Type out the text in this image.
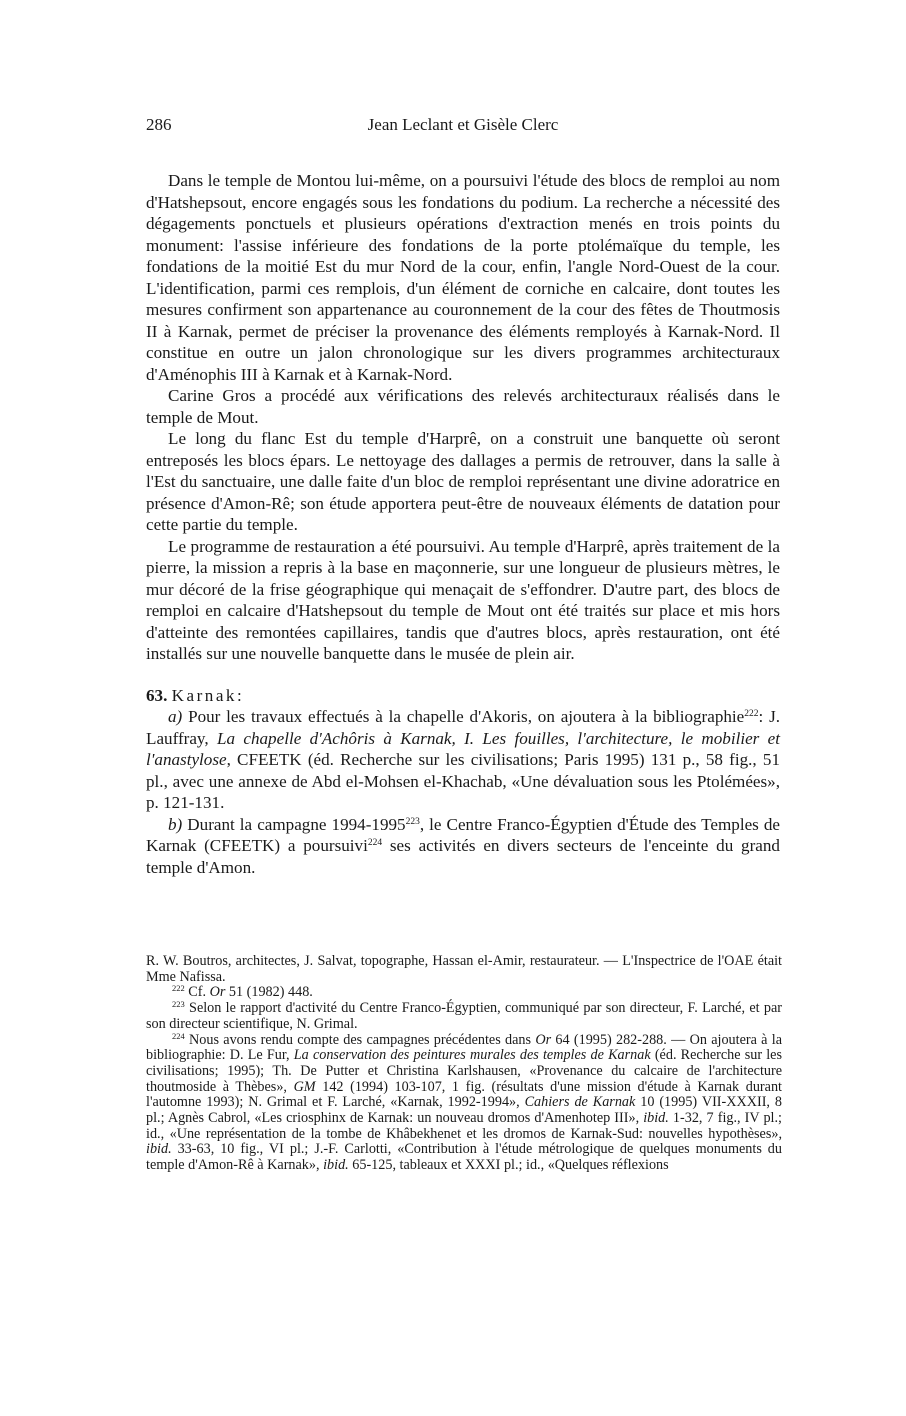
286	Jean Leclant et Gisèle Clerc

Dans le temple de Montou lui-même, on a poursuivi l'étude des blocs de remploi au nom d'Hatshepsout, encore engagés sous les fondations du podium. La recherche a nécessité des dégagements ponctuels et plusieurs opérations d'extraction menés en trois points du monument: l'assise inférieure des fondations de la porte ptolémaïque du temple, les fondations de la moitié Est du mur Nord de la cour, enfin, l'angle Nord-Ouest de la cour. L'identification, parmi ces remplois, d'un élément de corniche en calcaire, dont toutes les mesures confirment son appartenance au couronnement de la cour des fêtes de Thoutmosis II à Karnak, permet de préciser la provenance des éléments remployés à Karnak-Nord. Il constitue en outre un jalon chronologique sur les divers programmes architecturaux d'Aménophis III à Karnak et à Karnak-Nord.

Carine Gros a procédé aux vérifications des relevés architecturaux réalisés dans le temple de Mout.

Le long du flanc Est du temple d'Harprê, on a construit une banquette où seront entreposés les blocs épars. Le nettoyage des dallages a permis de retrouver, dans la salle à l'Est du sanctuaire, une dalle faite d'un bloc de remploi représentant une divine adoratrice en présence d'Amon-Rê; son étude apportera peut-être de nouveaux éléments de datation pour cette partie du temple.

Le programme de restauration a été poursuivi. Au temple d'Harprê, après traitement de la pierre, la mission a repris à la base en maçonnerie, sur une longueur de plusieurs mètres, le mur décoré de la frise géographique qui menaçait de s'effondrer. D'autre part, des blocs de remploi en calcaire d'Hatshepsout du temple de Mout ont été traités sur place et mis hors d'atteinte des remontées capillaires, tandis que d'autres blocs, après restauration, ont été installés sur une nouvelle banquette dans le musée de plein air.

63. Karnak:

a) Pour les travaux effectués à la chapelle d'Akoris, on ajoutera à la bibliographie$^{222}$: J. Lauffray, La chapelle d'Achôris à Karnak, I. Les fouilles, l'architecture, le mobilier et l'anastylose, CFEETK (éd. Recherche sur les civilisations; Paris 1995) 131 p., 58 fig., 51 pl., avec une annexe de Abd el-Mohsen el-Khachab, «Une dévaluation sous les Ptolémées», p. 121-131.

b) Durant la campagne 1994-1995$^{223}$, le Centre Franco-Égyptien d'Étude des Temples de Karnak (CFEETK) a poursuivi$^{224}$ ses activités en divers secteurs de l'enceinte du grand temple d'Amon.

R. W. Boutros, architectes, J. Salvat, topographe, Hassan el-Amir, restaurateur. — L'Inspectrice de l'OAE était Mme Nafissa.

$^{222}$ Cf. Or 51 (1982) 448.

$^{223}$ Selon le rapport d'activité du Centre Franco-Égyptien, communiqué par son directeur, F. Larché, et par son directeur scientifique, N. Grimal.

$^{224}$ Nous avons rendu compte des campagnes précédentes dans Or 64 (1995) 282-288. — On ajoutera à la bibliographie: D. Le Fur, La conservation des peintures murales des temples de Karnak (éd. Recherche sur les civilisations; 1995); Th. De Putter et Christina Karlshausen, «Provenance du calcaire de l'architecture thoutmoside à Thèbes», GM 142 (1994) 103-107, 1 fig. (résultats d'une mission d'étude à Karnak durant l'automne 1993); N. Grimal et F. Larché, «Karnak, 1992-1994», Cahiers de Karnak 10 (1995) VII-XXXII, 8 pl.; Agnès Cabrol, «Les criosphinx de Karnak: un nouveau dromos d'Amenhotep III», ibid. 1-32, 7 fig., IV pl.; id., «Une représentation de la tombe de Khâbekhenet et les dromos de Karnak-Sud: nouvelles hypothèses», ibid. 33-63, 10 fig., VI pl.; J.-F. Carlotti, «Contribution à l'étude métrologique de quelques monuments du temple d'Amon-Rê à Karnak», ibid. 65-125, tableaux et XXXI pl.; id., «Quelques réflexions
